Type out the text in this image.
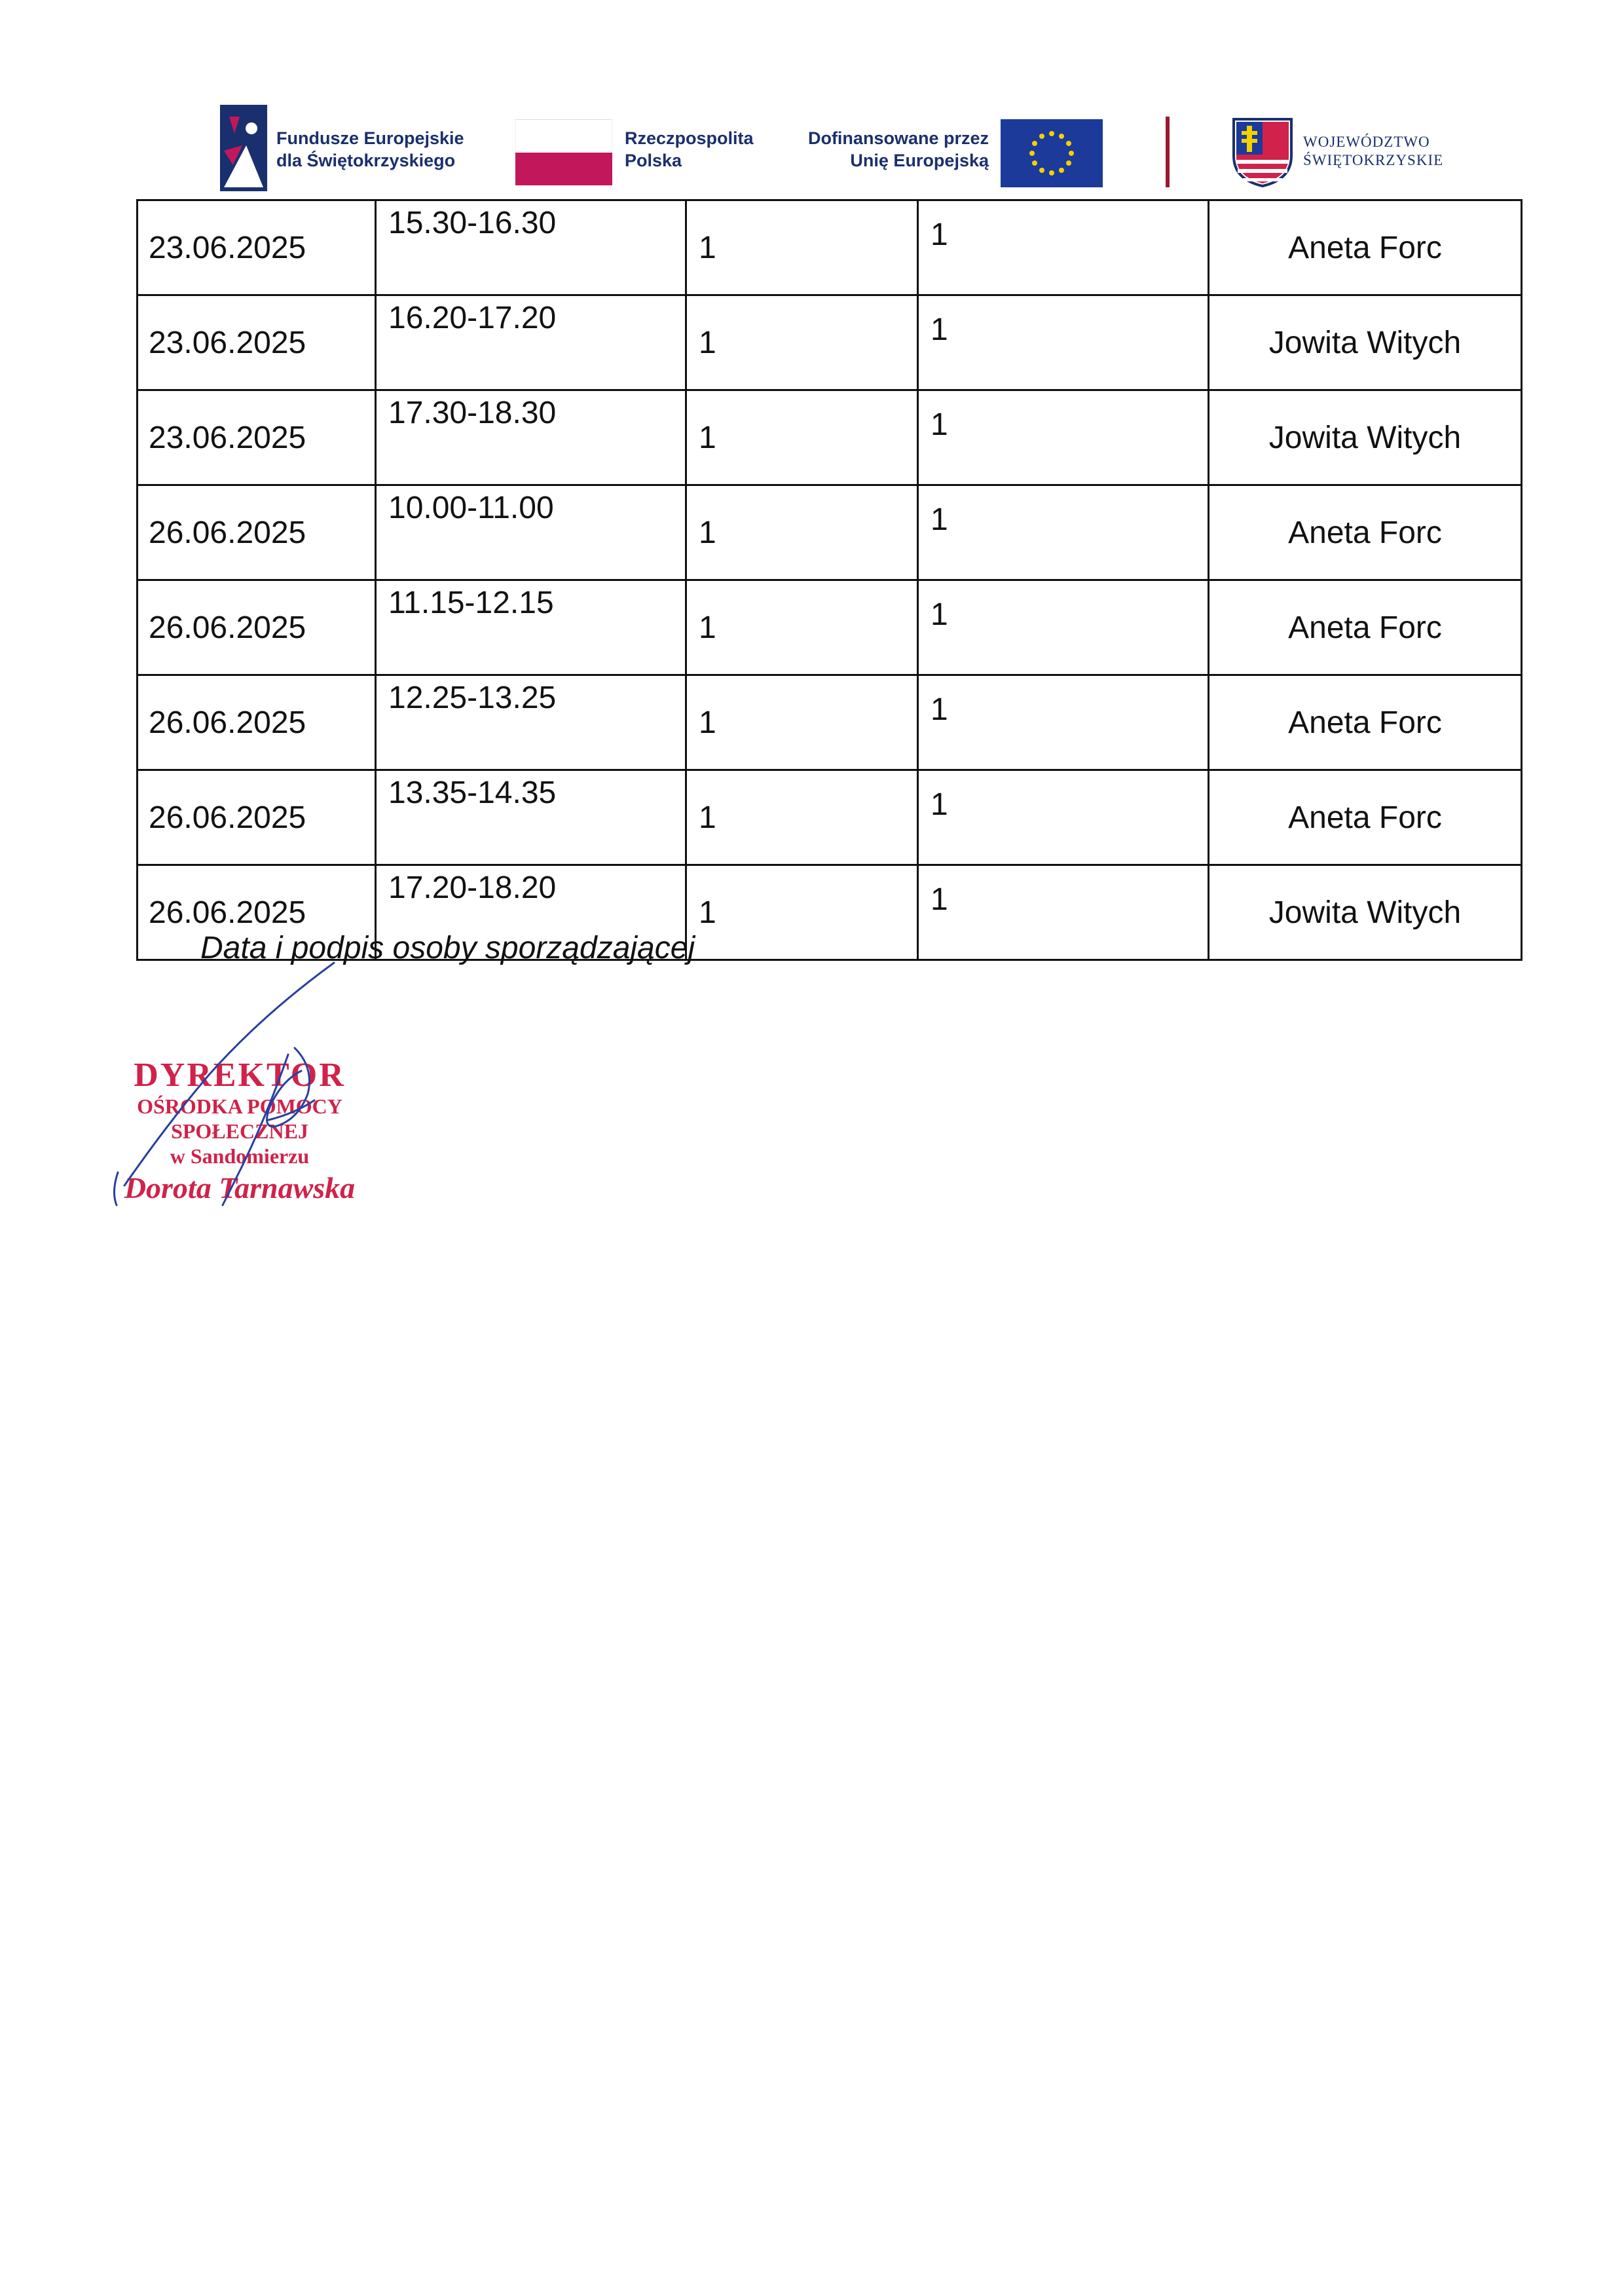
Fundusze Europejskie
dla Świętokrzyskiego
Rzeczpospolita
Polska
Dofinansowane przez
Unię Europejską
WOJEWÓDZTWO
ŚWIĘTOKRZYSKIE
23.06.2025	15.30-16.30	1	1	Aneta Forc
23.06.2025	16.20-17.20	1	1	Jowita Witych
23.06.2025	17.30-18.30	1	1	Jowita Witych
26.06.2025	10.00-11.00	1	1	Aneta Forc
26.06.2025	11.15-12.15	1	1	Aneta Forc
26.06.2025	12.25-13.25	1	1	Aneta Forc
26.06.2025	13.35-14.35	1	1	Aneta Forc
26.06.2025	17.20-18.20	1	1	Jowita Witych
Data i podpis osoby sporządzającej
DYREKTOR
OŚRODKA POMOCY SPOŁECZNEJ
w Sandomierzu
Dorota Tarnawska
